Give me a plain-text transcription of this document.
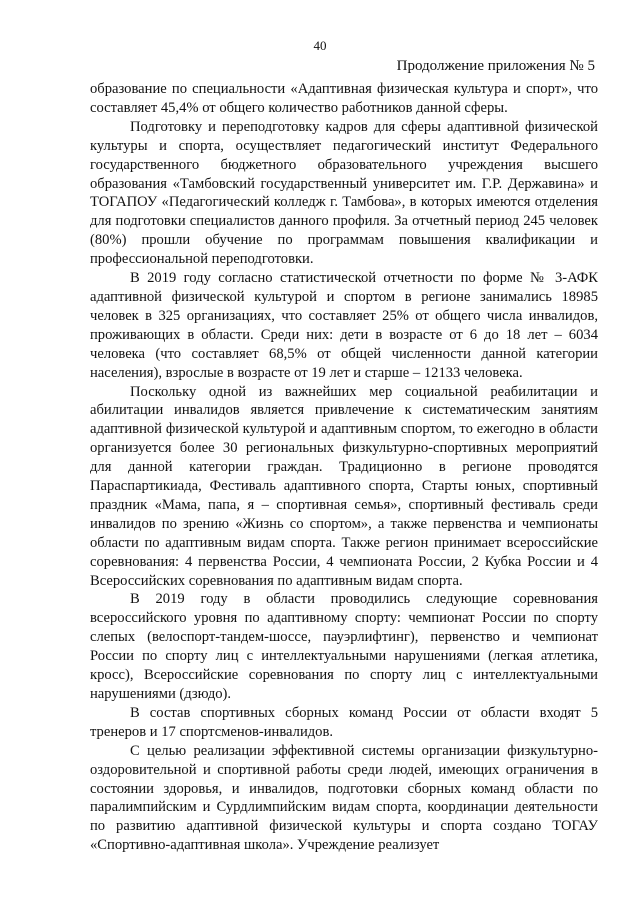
40
Продолжение приложения № 5

образование по специальности «Адаптивная физическая культура и спорт», что составляет 45,4% от общего количество работников данной сферы.

Подготовку и переподготовку кадров для сферы адаптивной физической культуры и спорта, осуществляет педагогический институт Федерального государственного бюджетного образовательного учреждения высшего образования «Тамбовский государственный университет им. Г.Р. Державина» и ТОГАПОУ «Педагогический колледж г. Тамбова», в которых имеются отделения для подготовки специалистов данного профиля. За отчетный период 245 человек (80%) прошли обучение по программам повышения квалификации и профессиональной переподготовки.

В 2019 году согласно статистической отчетности по форме № 3-АФК адаптивной физической культурой и спортом в регионе занимались 18985 человек в 325 организациях, что составляет 25% от общего числа инвалидов, проживающих в области. Среди них: дети в возрасте от 6 до 18 лет – 6034 человека (что составляет 68,5% от общей численности данной категории населения), взрослые в возрасте от 19 лет и старше – 12133 человека.

Поскольку одной из важнейших мер социальной реабилитации и абилитации инвалидов является привлечение к систематическим занятиям адаптивной физической культурой и адаптивным спортом, то ежегодно в области организуется более 30 региональных физкультурно-спортивных мероприятий для данной категории граждан. Традиционно в регионе проводятся Параспартикиада, Фестиваль адаптивного спорта, Старты юных, спортивный праздник «Мама, папа, я – спортивная семья», спортивный фестиваль среди инвалидов по зрению «Жизнь со спортом», а также первенства и чемпионаты области по адаптивным видам спорта. Также регион принимает всероссийские соревнования: 4 первенства России, 4 чемпионата России, 2 Кубка России и 4 Всероссийских соревнования по адаптивным видам спорта.

В 2019 году в области проводились следующие соревнования всероссийского уровня по адаптивному спорту: чемпионат России по спорту слепых (велоспорт-тандем-шоссе, пауэрлифтинг), первенство и чемпионат России по спорту лиц с интеллектуальными нарушениями (легкая атлетика, кросс), Всероссийские соревнования по спорту лиц с интеллектуальными нарушениями (дзюдо).

В состав спортивных сборных команд России от области входят 5 тренеров и 17 спортсменов-инвалидов.

С целью реализации эффективной системы организации физкультурно-оздоровительной и спортивной работы среди людей, имеющих ограничения в состоянии здоровья, и инвалидов, подготовки сборных команд области по паралимпийским и Сурдлимпийским видам спорта, координации деятельности по развитию адаптивной физической культуры и спорта создано ТОГАУ «Спортивно-адаптивная школа». Учреждение реализует
